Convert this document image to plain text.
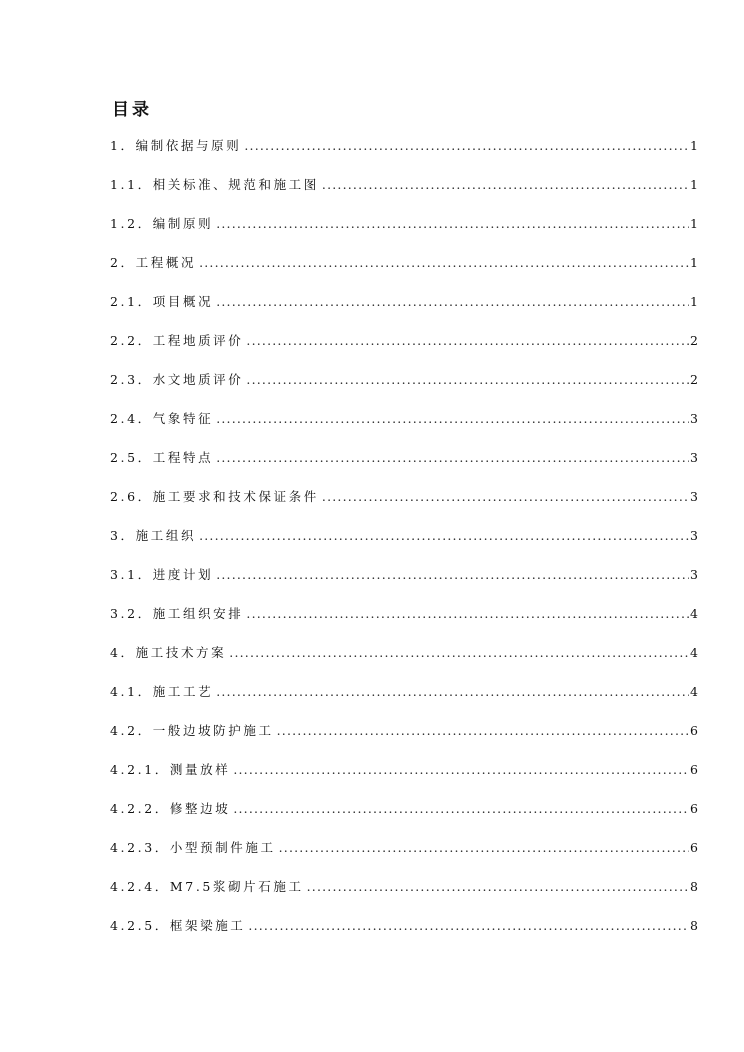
目录
1．编制依据与原则 .....	1
1.1．相关标准、规范和施工图 .....	1
1.2．编制原则 .....	1
2．工程概况 .....	1
2.1．项目概况 .....	1
2.2．工程地质评价 .....	2
2.3．水文地质评价 .....	2
2.4．气象特征 .....	3
2.5．工程特点 .....	3
2.6．施工要求和技术保证条件 .....	3
3．施工组织 .....	3
3.1．进度计划 .....	3
3.2．施工组织安排 .....	4
4．施工技术方案 .....	4
4.1．施工工艺 .....	4
4.2．一般边坡防护施工 .....	6
4.2.1．测量放样 .....	6
4.2.2．修整边坡 .....	6
4.2.3．小型预制件施工 .....	6
4.2.4．M7.5浆砌片石施工 .....	8
4.2.5．框架梁施工 .....	8
